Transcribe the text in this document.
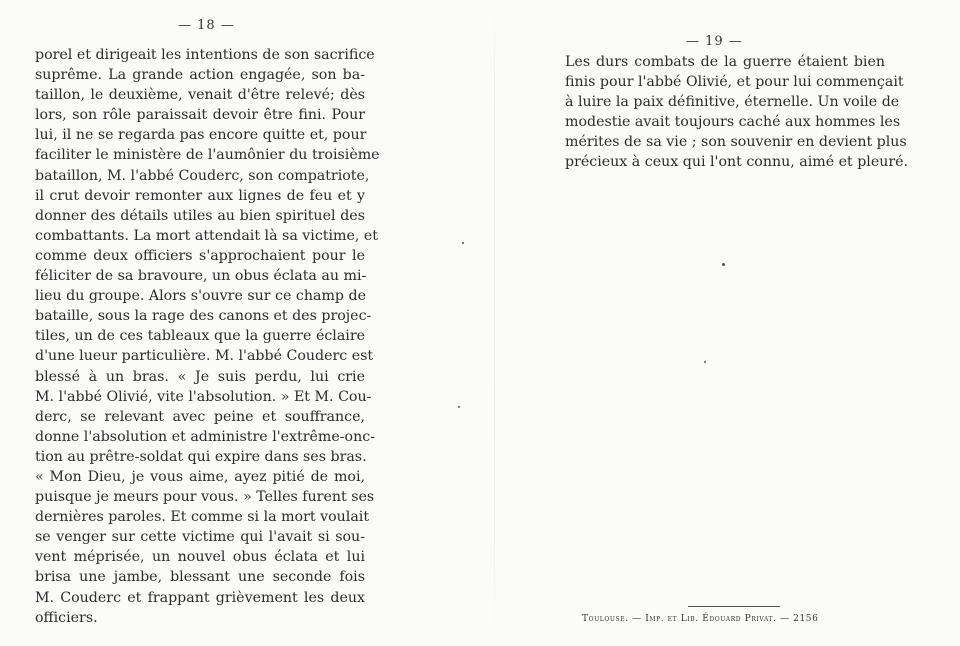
— 18 —
porel et dirigeait les intentions de son sacrifice
suprême. La grande action engagée, son ba-
taillon, le deuxième, venait d'être relevé; dès
lors, son rôle paraissait devoir être fini. Pour
lui, il ne se regarda pas encore quitte et, pour
faciliter le ministère de l'aumônier du troisième
bataillon, M. l'abbé Couderc, son compatriote,
il crut devoir remonter aux lignes de feu et y
donner des détails utiles au bien spirituel des
combattants. La mort attendait là sa victime, et
comme deux officiers s'approchaient pour le
féliciter de sa bravoure, un obus éclata au mi-
lieu du groupe. Alors s'ouvre sur ce champ de
bataille, sous la rage des canons et des projec-
tiles, un de ces tableaux que la guerre éclaire
d'une lueur particulière. M. l'abbé Couderc est
blessé à un bras. « Je suis perdu, lui crie
M. l'abbé Olivié, vite l'absolution. » Et M. Cou-
derc, se relevant avec peine et souffrance,
donne l'absolution et administre l'extrême-onc-
tion au prêtre-soldat qui expire dans ses bras.
« Mon Dieu, je vous aime, ayez pitié de moi,
puisque je meurs pour vous. » Telles furent ses
dernières paroles. Et comme si la mort voulait
se venger sur cette victime qui l'avait si sou-
vent méprisée, un nouvel obus éclata et lui
brisa une jambe, blessant une seconde fois
M. Couderc et frappant grièvement les deux
officiers.
— 19 —
Les durs combats de la guerre étaient bien
finis pour l'abbé Olivié, et pour lui commençait
à luire la paix définitive, éternelle. Un voile de
modestie avait toujours caché aux hommes les
mérites de sa vie ; son souvenir en devient plus
précieux à ceux qui l'ont connu, aimé et pleuré.
Toulouse. — Imp. et Lib. Édouard Privat. — 2156
